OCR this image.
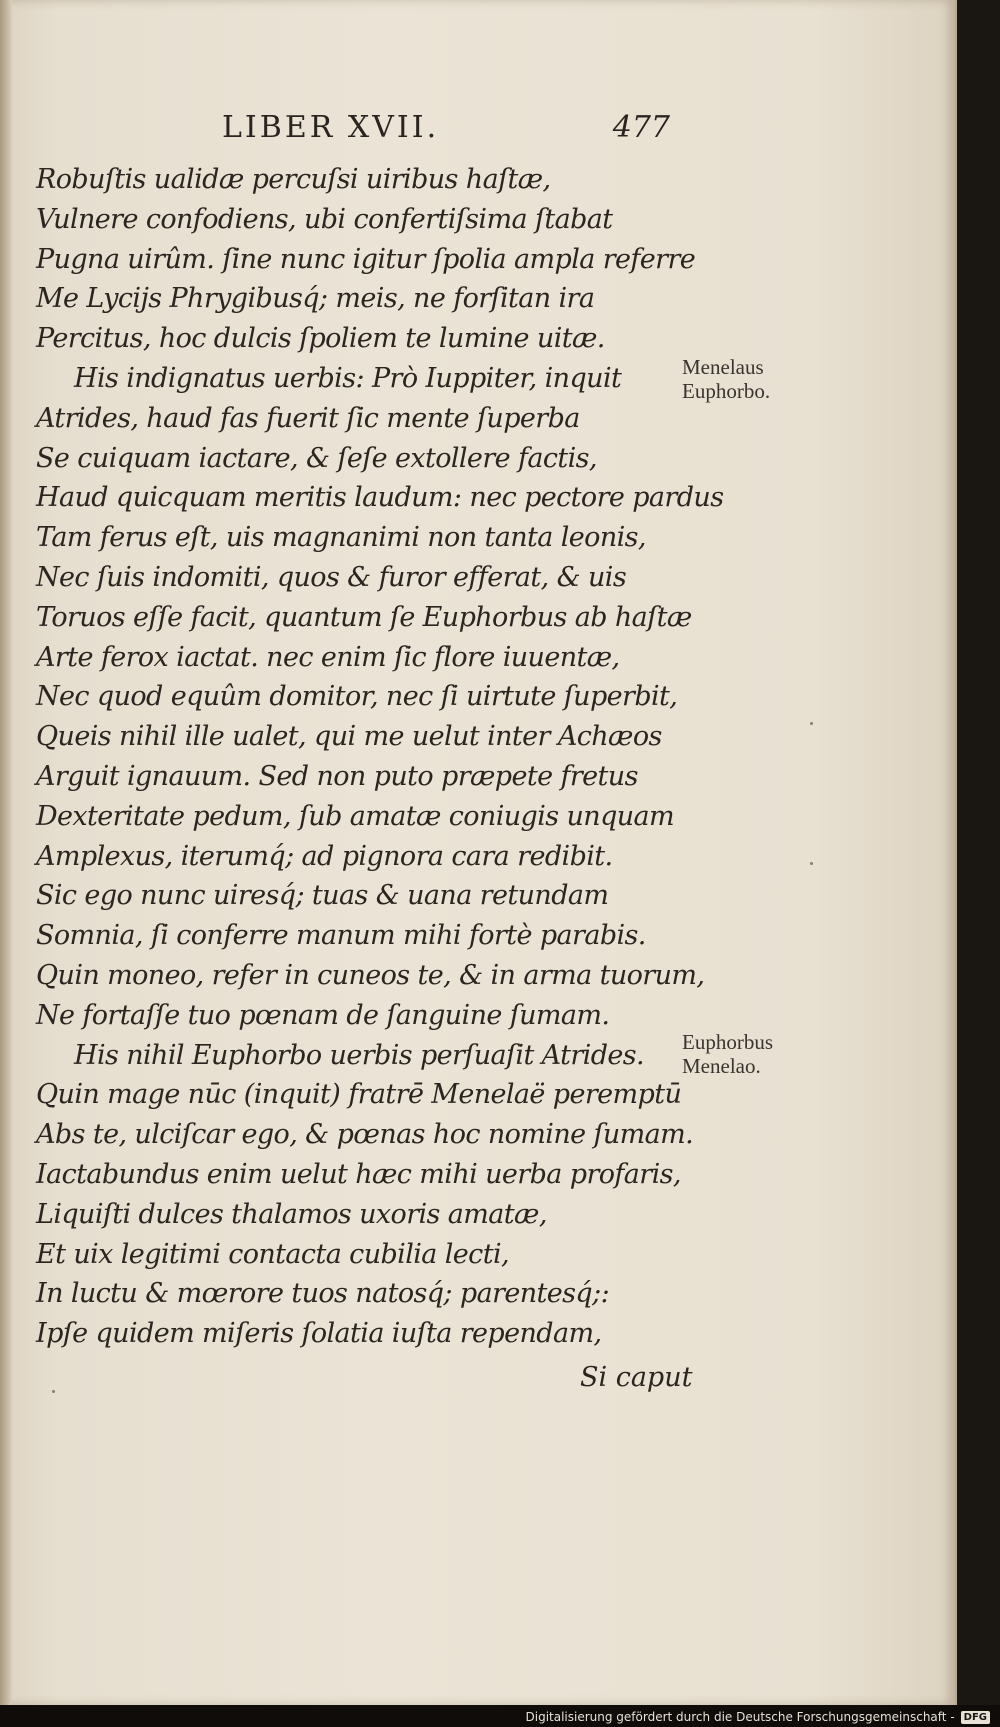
LIBER XVII.	477
Robuſtis ualidæ percuſsi uiribus haſtæ,
Vulnere confodiens, ubi confertiſsima ſtabat
Pugna uirûm. ſine nunc igitur ſpolia ampla referre
Me Lycijs Phrygibusq́; meis, ne forſitan ira
Percitus, hoc dulcis ſpoliem te lumine uitæ.
His indignatus uerbis: Prò Iuppiter, inquit
Atrides, haud fas fuerit ſic mente ſuperba
Se cuiquam iactare, & ſeſe extollere factis,
Haud quicquam meritis laudum: nec pectore pardus
Tam ferus eſt, uis magnanimi non tanta leonis,
Nec ſuis indomiti, quos & furor efferat, & uis
Toruos eſſe facit, quantum ſe Euphorbus ab haſtæ
Arte ferox iactat. nec enim ſic flore iuuentæ,
Nec quod equûm domitor, nec ſi uirtute ſuperbit,
Queis nihil ille ualet, qui me uelut inter Achæos
Arguit ignauum. Sed non puto præpete fretus
Dexteritate pedum, ſub amatæ coniugis unquam
Amplexus, iterumq́; ad pignora cara redibit.
Sic ego nunc uiresq́; tuas & uana retundam
Somnia, ſi conferre manum mihi fortè parabis.
Quin moneo, refer in cuneos te, & in arma tuorum,
Ne fortaſſe tuo pœnam de ſanguine ſumam.
His nihil Euphorbo uerbis perſuaſit Atrides.
Quin mage nūc (inquit) fratrē Menelaë peremptū
Abs te, ulciſcar ego, & pœnas hoc nomine ſumam.
Iactabundus enim uelut hæc mihi uerba profaris,
Liquiſti dulces thalamos uxoris amatæ,
Et uix legitimi contacta cubilia lecti,
In luctu & mœrore tuos natosq́; parentesq́;:
Ipſe quidem miſeris ſolatia iuſta rependam,
Si caput
Menelaus
Euphorbo.
Euphorbus
Menelao.
Digitalisierung gefördert durch die Deutsche Forschungsgemeinschaft - DFG
